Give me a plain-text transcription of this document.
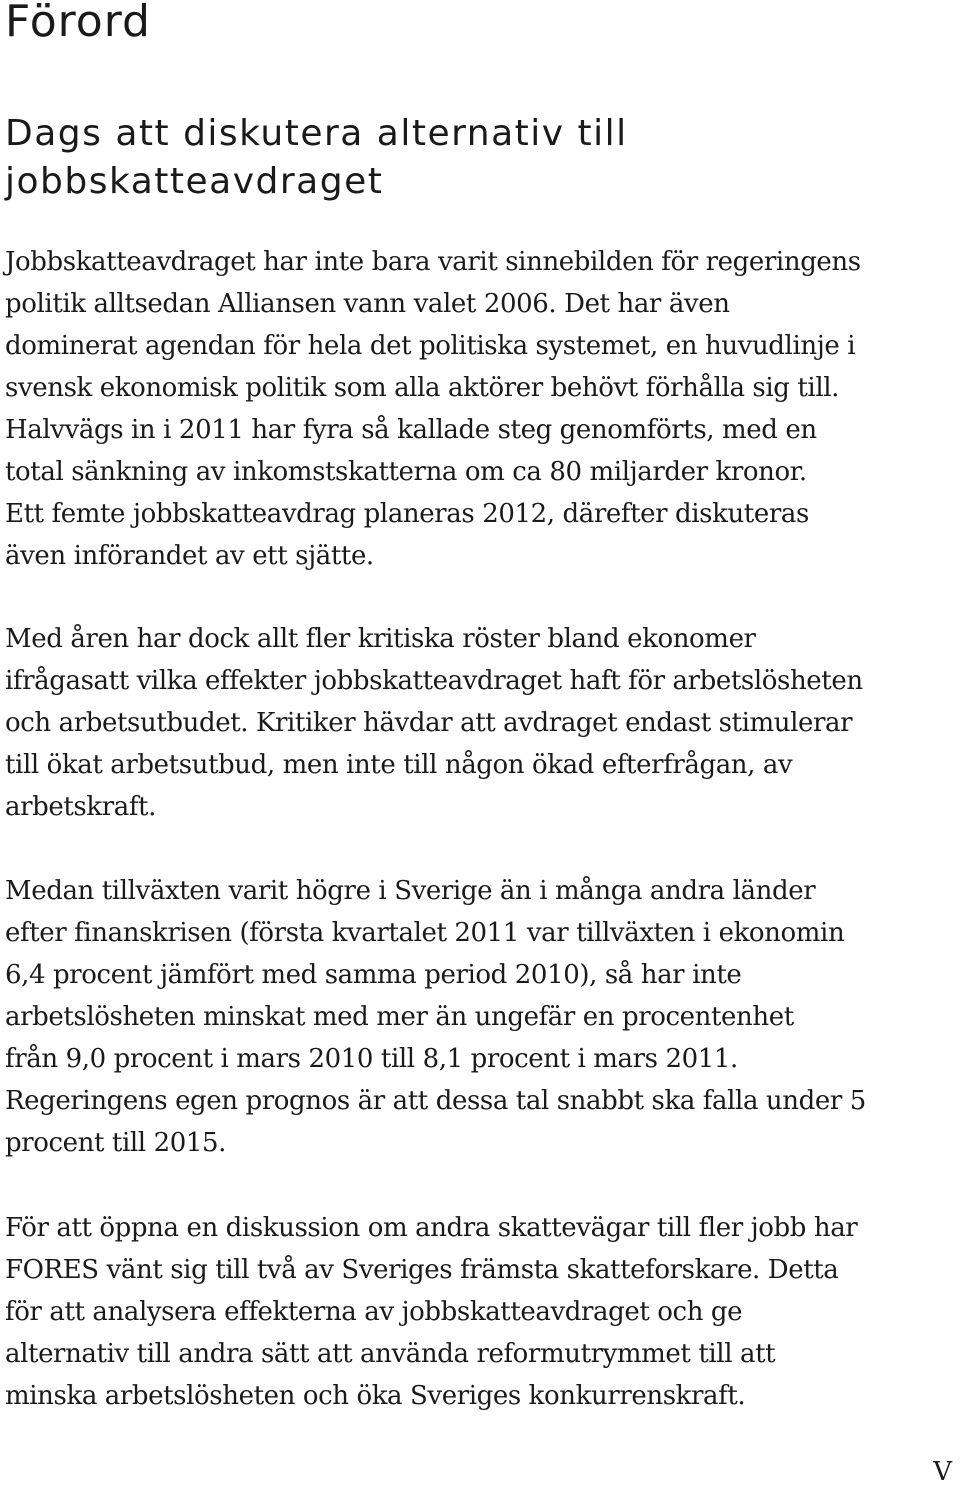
Förord
Dags att diskutera alternativ till
jobbskatteavdraget

Jobbskatteavdraget har inte bara varit sinnebilden för regeringens
politik alltsedan Alliansen vann valet 2006. Det har även
dominerat agendan för hela det politiska systemet, en huvudlinje i
svensk ekonomisk politik som alla aktörer behövt förhålla sig till.
Halvvägs in i 2011 har fyra så kallade steg genomförts, med en
total sänkning av inkomstskatterna om ca 80 miljarder kronor.
Ett femte jobbskatteavdrag planeras 2012, därefter diskuteras
även införandet av ett sjätte.

Med åren har dock allt fler kritiska röster bland ekonomer
ifrågasatt vilka effekter jobbskatteavdraget haft för arbetslösheten
och arbetsutbudet. Kritiker hävdar att avdraget endast stimulerar
till ökat arbetsutbud, men inte till någon ökad efterfrågan, av
arbetskraft.

Medan tillväxten varit högre i Sverige än i många andra länder
efter finanskrisen (första kvartalet 2011 var tillväxten i ekonomin
6,4 procent jämfört med samma period 2010), så har inte
arbetslösheten minskat med mer än ungefär en procentenhet
från 9,0 procent i mars 2010 till 8,1 procent i mars 2011.
Regeringens egen prognos är att dessa tal snabbt ska falla under 5
procent till 2015.

För att öppna en diskussion om andra skattevägar till fler jobb har
FORES vänt sig till två av Sveriges främsta skatteforskare. Detta
för att analysera effekterna av jobbskatteavdraget och ge
alternativ till andra sätt att använda reformutrymmet till att
minska arbetslösheten och öka Sveriges konkurrenskraft.

V
